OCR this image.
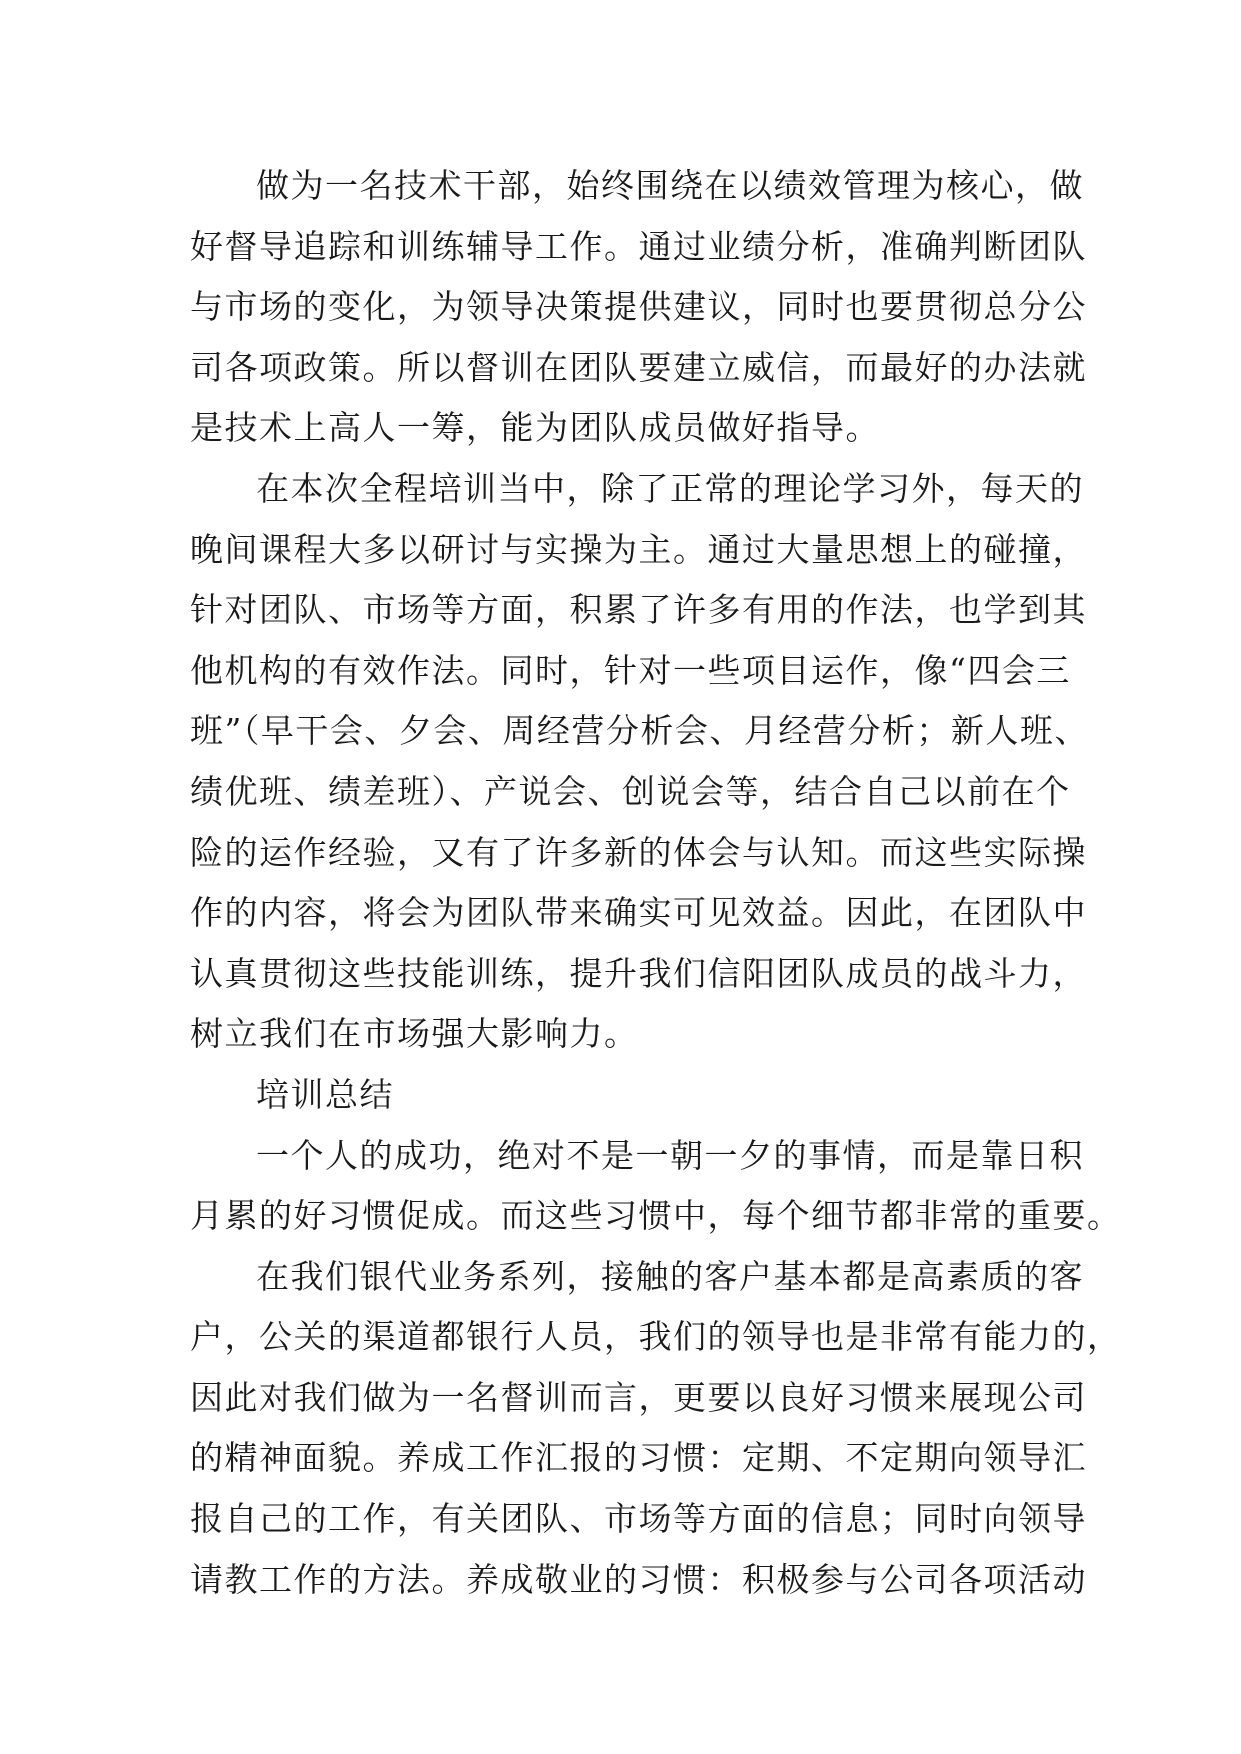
做为一名技术干部，始终围绕在以绩效管理为核心，做
好督导追踪和训练辅导工作。通过业绩分析，准确判断团队
与市场的变化，为领导决策提供建议，同时也要贯彻总分公
司各项政策。所以督训在团队要建立威信，而最好的办法就
是技术上高人一筹，能为团队成员做好指导。
在本次全程培训当中，除了正常的理论学习外，每天的
晚间课程大多以研讨与实操为主。通过大量思想上的碰撞，
针对团队、市场等方面，积累了许多有用的作法，也学到其
他机构的有效作法。同时，针对一些项目运作，像“四会三
班”（早干会、夕会、周经营分析会、月经营分析；新人班、
绩优班、绩差班）、产说会、创说会等，结合自己以前在个
险的运作经验，又有了许多新的体会与认知。而这些实际操
作的内容，将会为团队带来确实可见效益。因此，在团队中
认真贯彻这些技能训练，提升我们信阳团队成员的战斗力，
树立我们在市场强大影响力。
培训总结
一个人的成功，绝对不是一朝一夕的事情，而是靠日积
月累的好习惯促成。而这些习惯中，每个细节都非常的重要。
在我们银代业务系列，接触的客户基本都是高素质的客
户，公关的渠道都银行人员，我们的领导也是非常有能力的，
因此对我们做为一名督训而言，更要以良好习惯来展现公司
的精神面貌。养成工作汇报的习惯：定期、不定期向领导汇
报自己的工作，有关团队、市场等方面的信息；同时向领导
请教工作的方法。养成敬业的习惯：积极参与公司各项活动
